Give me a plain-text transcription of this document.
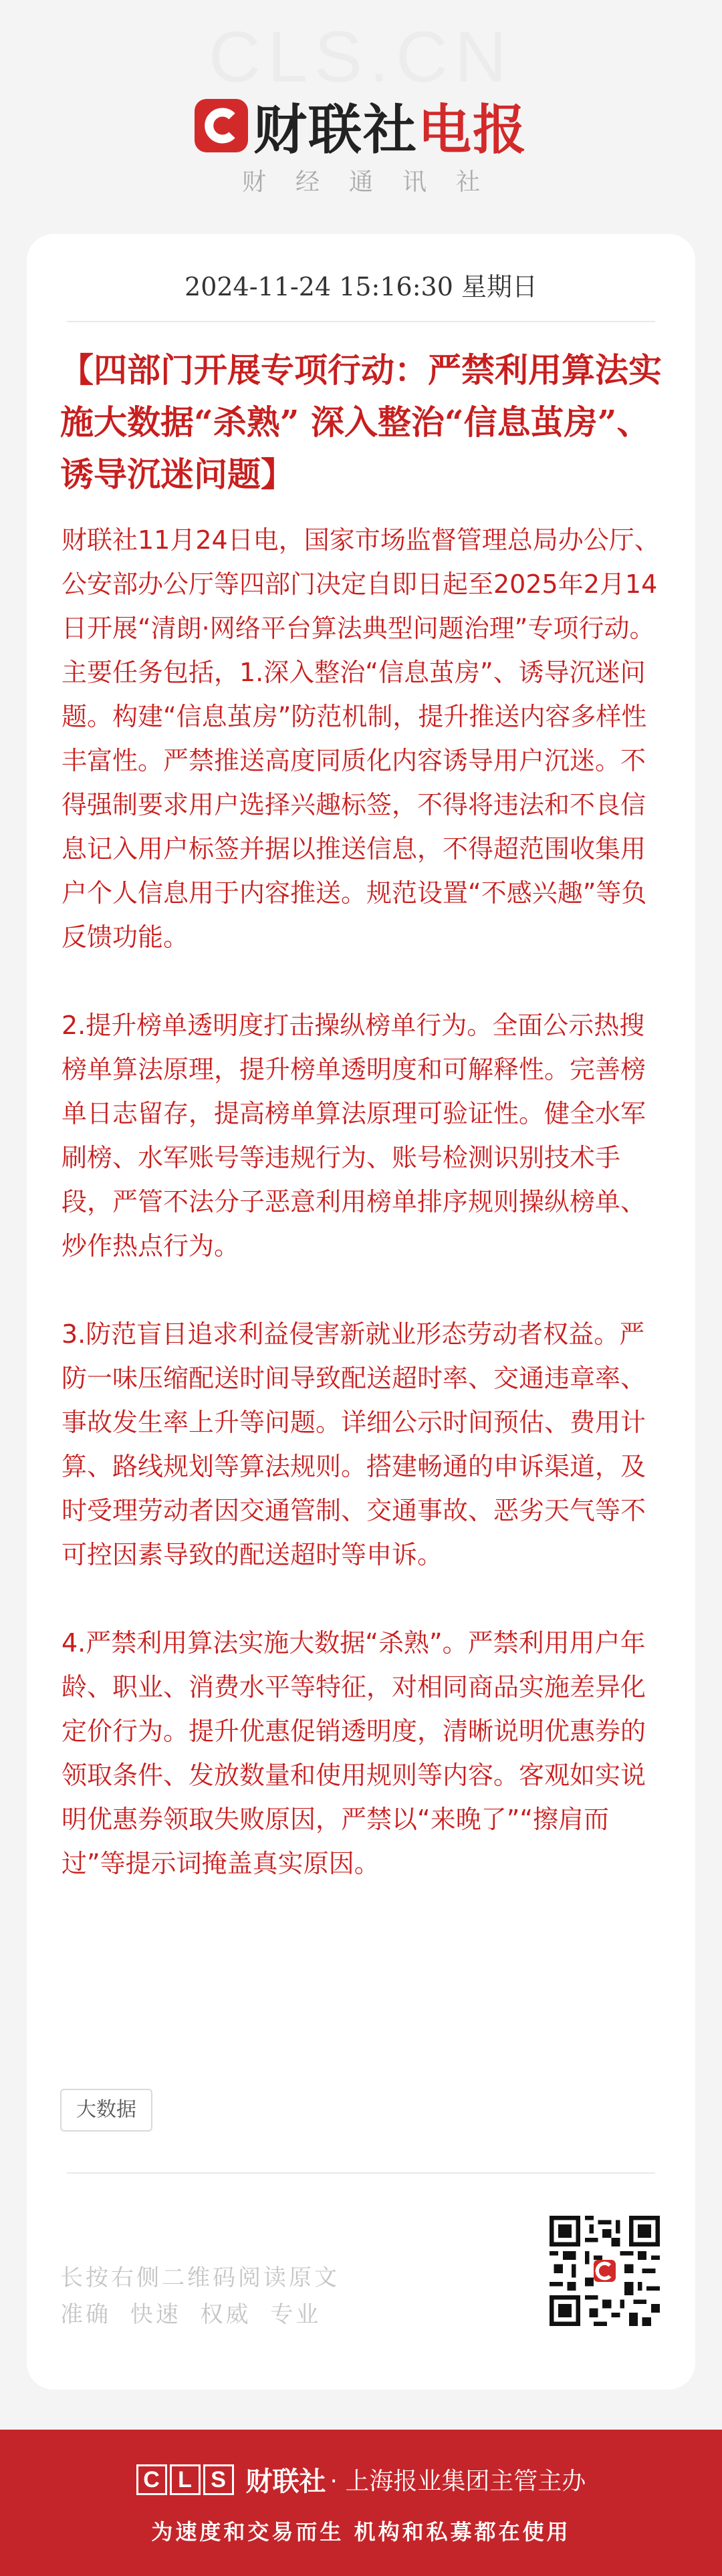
CLS.CN
财联社 电报
财经通讯社
2024-11-24 15:16:30 星期日
【四部门开展专项行动：严禁利用算法实施大数据“杀熟” 深入整治“信息茧房”、诱导沉迷问题】

财联社11月24日电，国家市场监督管理总局办公厅、公安部办公厅等四部门决定自即日起至2025年2月14日开展“清朗·网络平台算法典型问题治理”专项行动。主要任务包括，1.深入整治“信息茧房”、诱导沉迷问题。构建“信息茧房”防范机制，提升推送内容多样性丰富性。严禁推送高度同质化内容诱导用户沉迷。不得强制要求用户选择兴趣标签，不得将违法和不良信息记入用户标签并据以推送信息，不得超范围收集用户个人信息用于内容推送。规范设置“不感兴趣”等负反馈功能。

2.提升榜单透明度打击操纵榜单行为。全面公示热搜榜单算法原理，提升榜单透明度和可解释性。完善榜单日志留存，提高榜单算法原理可验证性。健全水军刷榜、水军账号等违规行为、账号检测识别技术手段，严管不法分子恶意利用榜单排序规则操纵榜单、炒作热点行为。

3.防范盲目追求利益侵害新就业形态劳动者权益。严防一味压缩配送时间导致配送超时率、交通违章率、事故发生率上升等问题。详细公示时间预估、费用计算、路线规划等算法规则。搭建畅通的申诉渠道，及时受理劳动者因交通管制、交通事故、恶劣天气等不可控因素导致的配送超时等申诉。

4.严禁利用算法实施大数据“杀熟”。严禁利用用户年龄、职业、消费水平等特征，对相同商品实施差异化定价行为。提升优惠促销透明度，清晰说明优惠券的领取条件、发放数量和使用规则等内容。客观如实说明优惠券领取失败原因，严禁以“来晚了”“擦肩而过”等提示词掩盖真实原因。

大数据
长按右侧二维码阅读原文
准确 快速 权威 专业
C L S 财联社 · 上海报业集团主管主办
为速度和交易而生 机构和私募都在使用
